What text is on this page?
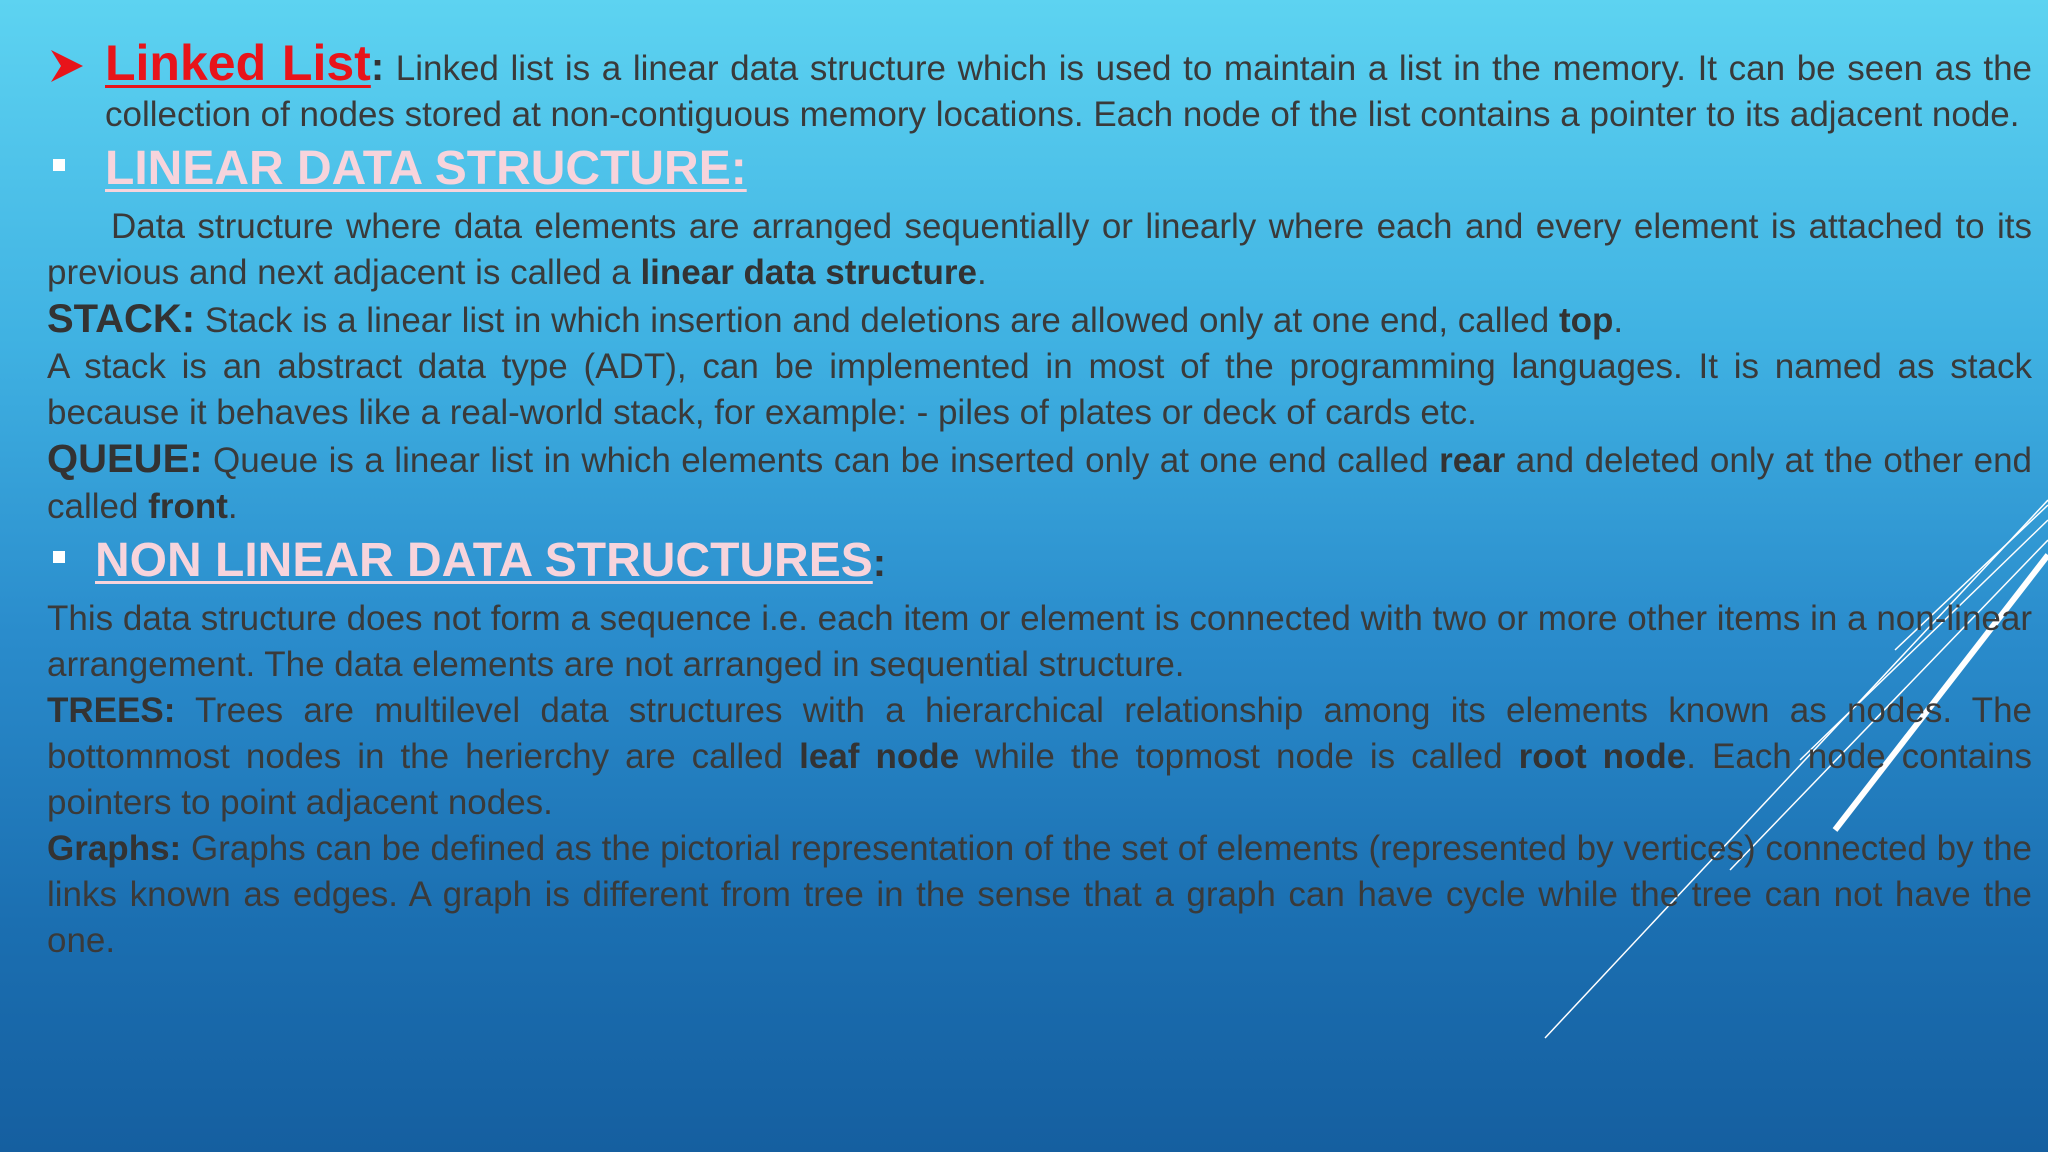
Linked List: Linked list is a linear data structure which is used to maintain a list in the memory. It can be seen as the collection of nodes stored at non-contiguous memory locations. Each node of the list contains a pointer to its adjacent node.

LINEAR DATA STRUCTURE:

Data structure where data elements are arranged sequentially or linearly where each and every element is attached to its previous and next adjacent is called a linear data structure.

STACK: Stack is a linear list in which insertion and deletions are allowed only at one end, called top.

A stack is an abstract data type (ADT), can be implemented in most of the programming languages. It is named as stack because it behaves like a real-world stack, for example: - piles of plates or deck of cards etc.

QUEUE: Queue is a linear list in which elements can be inserted only at one end called rear and deleted only at the other end called front.

NON LINEAR DATA STRUCTURES:

This data structure does not form a sequence i.e. each item or element is connected with two or more other items in a non-linear arrangement. The data elements are not arranged in sequential structure.

TREES: Trees are multilevel data structures with a hierarchical relationship among its elements known as nodes. The bottommost nodes in the herierchy are called leaf node while the topmost node is called root node. Each node contains pointers to point adjacent nodes.

Graphs: Graphs can be defined as the pictorial representation of the set of elements (represented by vertices) connected by the links known as edges. A graph is different from tree in the sense that a graph can have cycle while the tree can not have the one.
